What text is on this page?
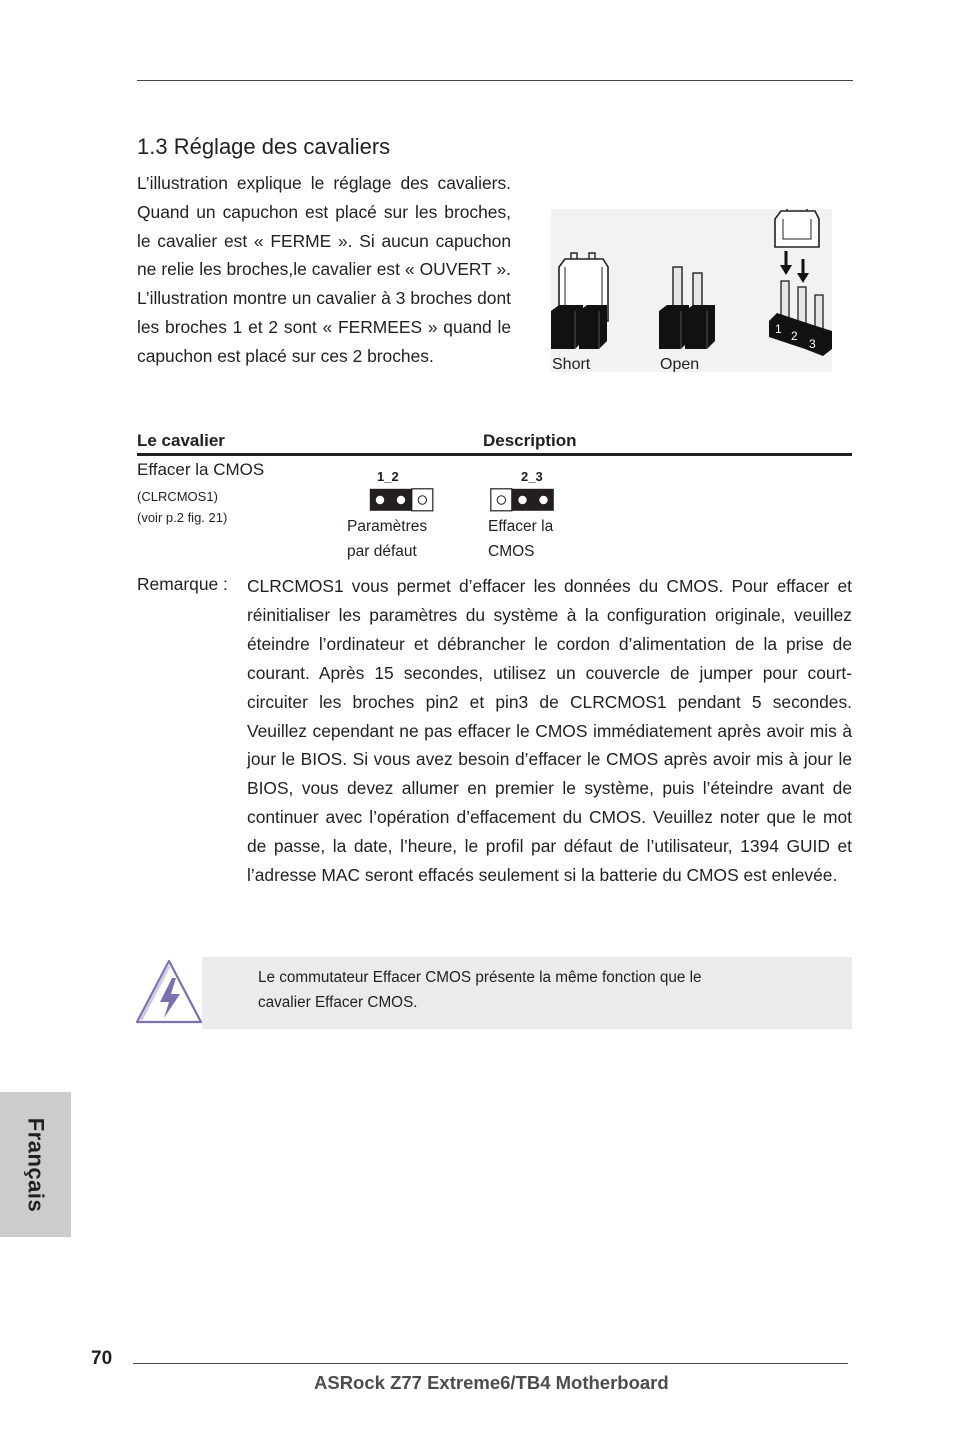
1.3 Réglage des cavaliers

L’illustration explique le réglage des cavaliers. Quand un capuchon est placé sur les broches, le cavalier est « FERME ». Si aucun capuchon ne relie les broches,le cavalier est « OUVERT ». L’illustration montre un cavalier à 3 broches dont les broches 1 et 2 sont « FERMEES » quand le capuchon est placé sur ces 2 broches.

1 2
3
Short	Open
Le cavalier	Description
Effacer la CMOS
(CLRCMOS1)
(voir p.2 fig. 21)
1_2

Paramètres

par défaut

2_3

Effacer la

CMOS

Remarque : CLRCMOS1 vous permet d’effacer les données du CMOS. Pour effacer et réinitialiser les paramètres du système à la configuration originale, veuillez éteindre l’ordinateur et débrancher le cordon d’alimentation de la prise de courant. Après 15 secondes, utilisez un couvercle de jumper pour court-circuiter les broches pin2 et pin3 de CLRCMOS1 pendant 5 secondes. Veuillez cependant ne pas effacer le CMOS immédiatement après avoir mis à jour le BIOS. Si vous avez besoin d’effacer le CMOS après avoir mis à jour le BIOS, vous devez allumer en premier le système, puis l’éteindre avant de continuer avec l’opération d’effacement du CMOS. Veuillez noter que le mot de passe, la date, l’heure, le profil par défaut de l’utilisateur, 1394 GUID et l’adresse MAC seront effacés seulement si la batterie du CMOS est enlevée.

Le commutateur Effacer CMOS présente la même fonction que le
cavalier Effacer CMOS.
Français
70
ASRock Z77 Extreme6/TB4 Motherboard
